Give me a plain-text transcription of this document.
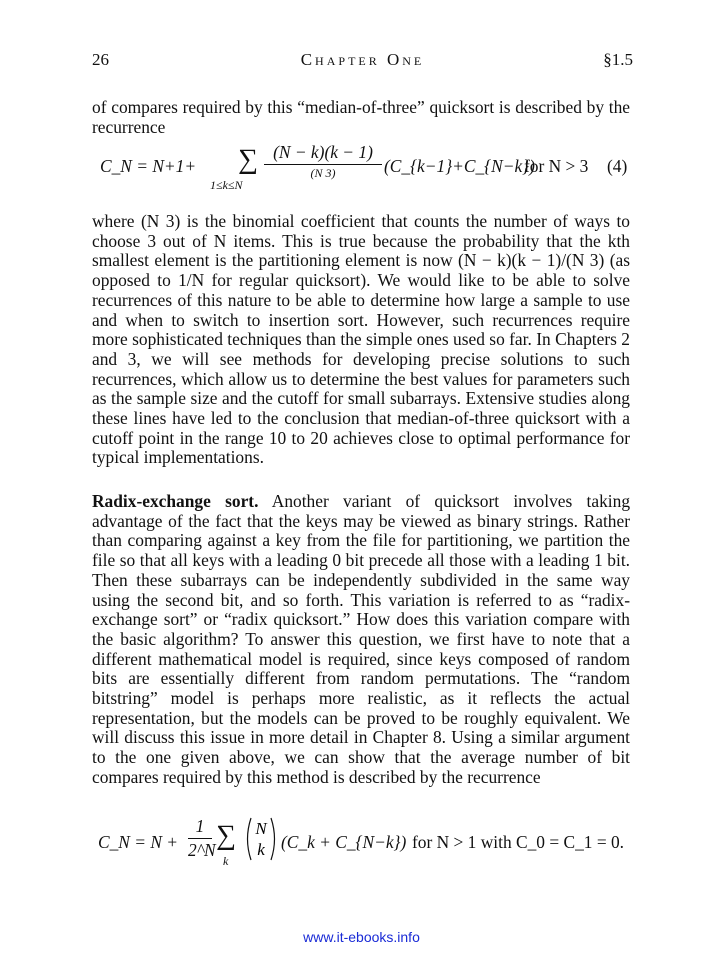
26	Chapter One	§1.5
of compares required by this “median-of-three” quicksort is described by the recurrence
C_N = N+1+ ∑
1≤k≤N
(N − k)(k − 1)
(N 3)	(C_{k−1}+C_{N−k})
for N > 3 (4)
where (N 3) is the binomial coefficient that counts the number of ways to choose 3 out of N items. This is true because the probability that the kth smallest element is the partitioning element is now (N − k)(k − 1)/(N 3) (as opposed to 1/N for regular quicksort). We would like to be able to solve recurrences of this nature to be able to determine how large a sample to use and when to switch to insertion sort. However, such recurrences require more sophisticated techniques than the simple ones used so far. In Chapters 2 and 3, we will see methods for developing precise solutions to such recurrences, which allow us to determine the best values for parameters such as the sample size and the cutoff for small subarrays. Extensive studies along these lines have led to the conclusion that median-of-three quicksort with a cutoff point in the range 10 to 20 achieves close to optimal performance for typical implementations.
Radix-exchange sort. Another variant of quicksort involves taking advantage of the fact that the keys may be viewed as binary strings. Rather than comparing against a key from the file for partitioning, we partition the file so that all keys with a leading 0 bit precede all those with a leading 1 bit. Then these subarrays can be independently subdivided in the same way using the second bit, and so forth. This variation is referred to as “radix-exchange sort” or “radix quicksort.” How does this variation compare with the basic algorithm? To answer this question, we first have to note that a different mathematical model is required, since keys composed of random bits are essentially different from random permutations. The “random bitstring” model is perhaps more realistic, as it reflects the actual representation, but the models can be proved to be roughly equivalent. We will discuss this issue in more detail in Chapter 8. Using a similar argument to the one given above, we can show that the average number of bit compares required by this method is described by the recurrence
C_N = N +
1
2^N ∑
k
N
k (C_k + C_{N−k}) for N > 1 with C_0 = C_1 = 0.
www.it-ebooks.info
